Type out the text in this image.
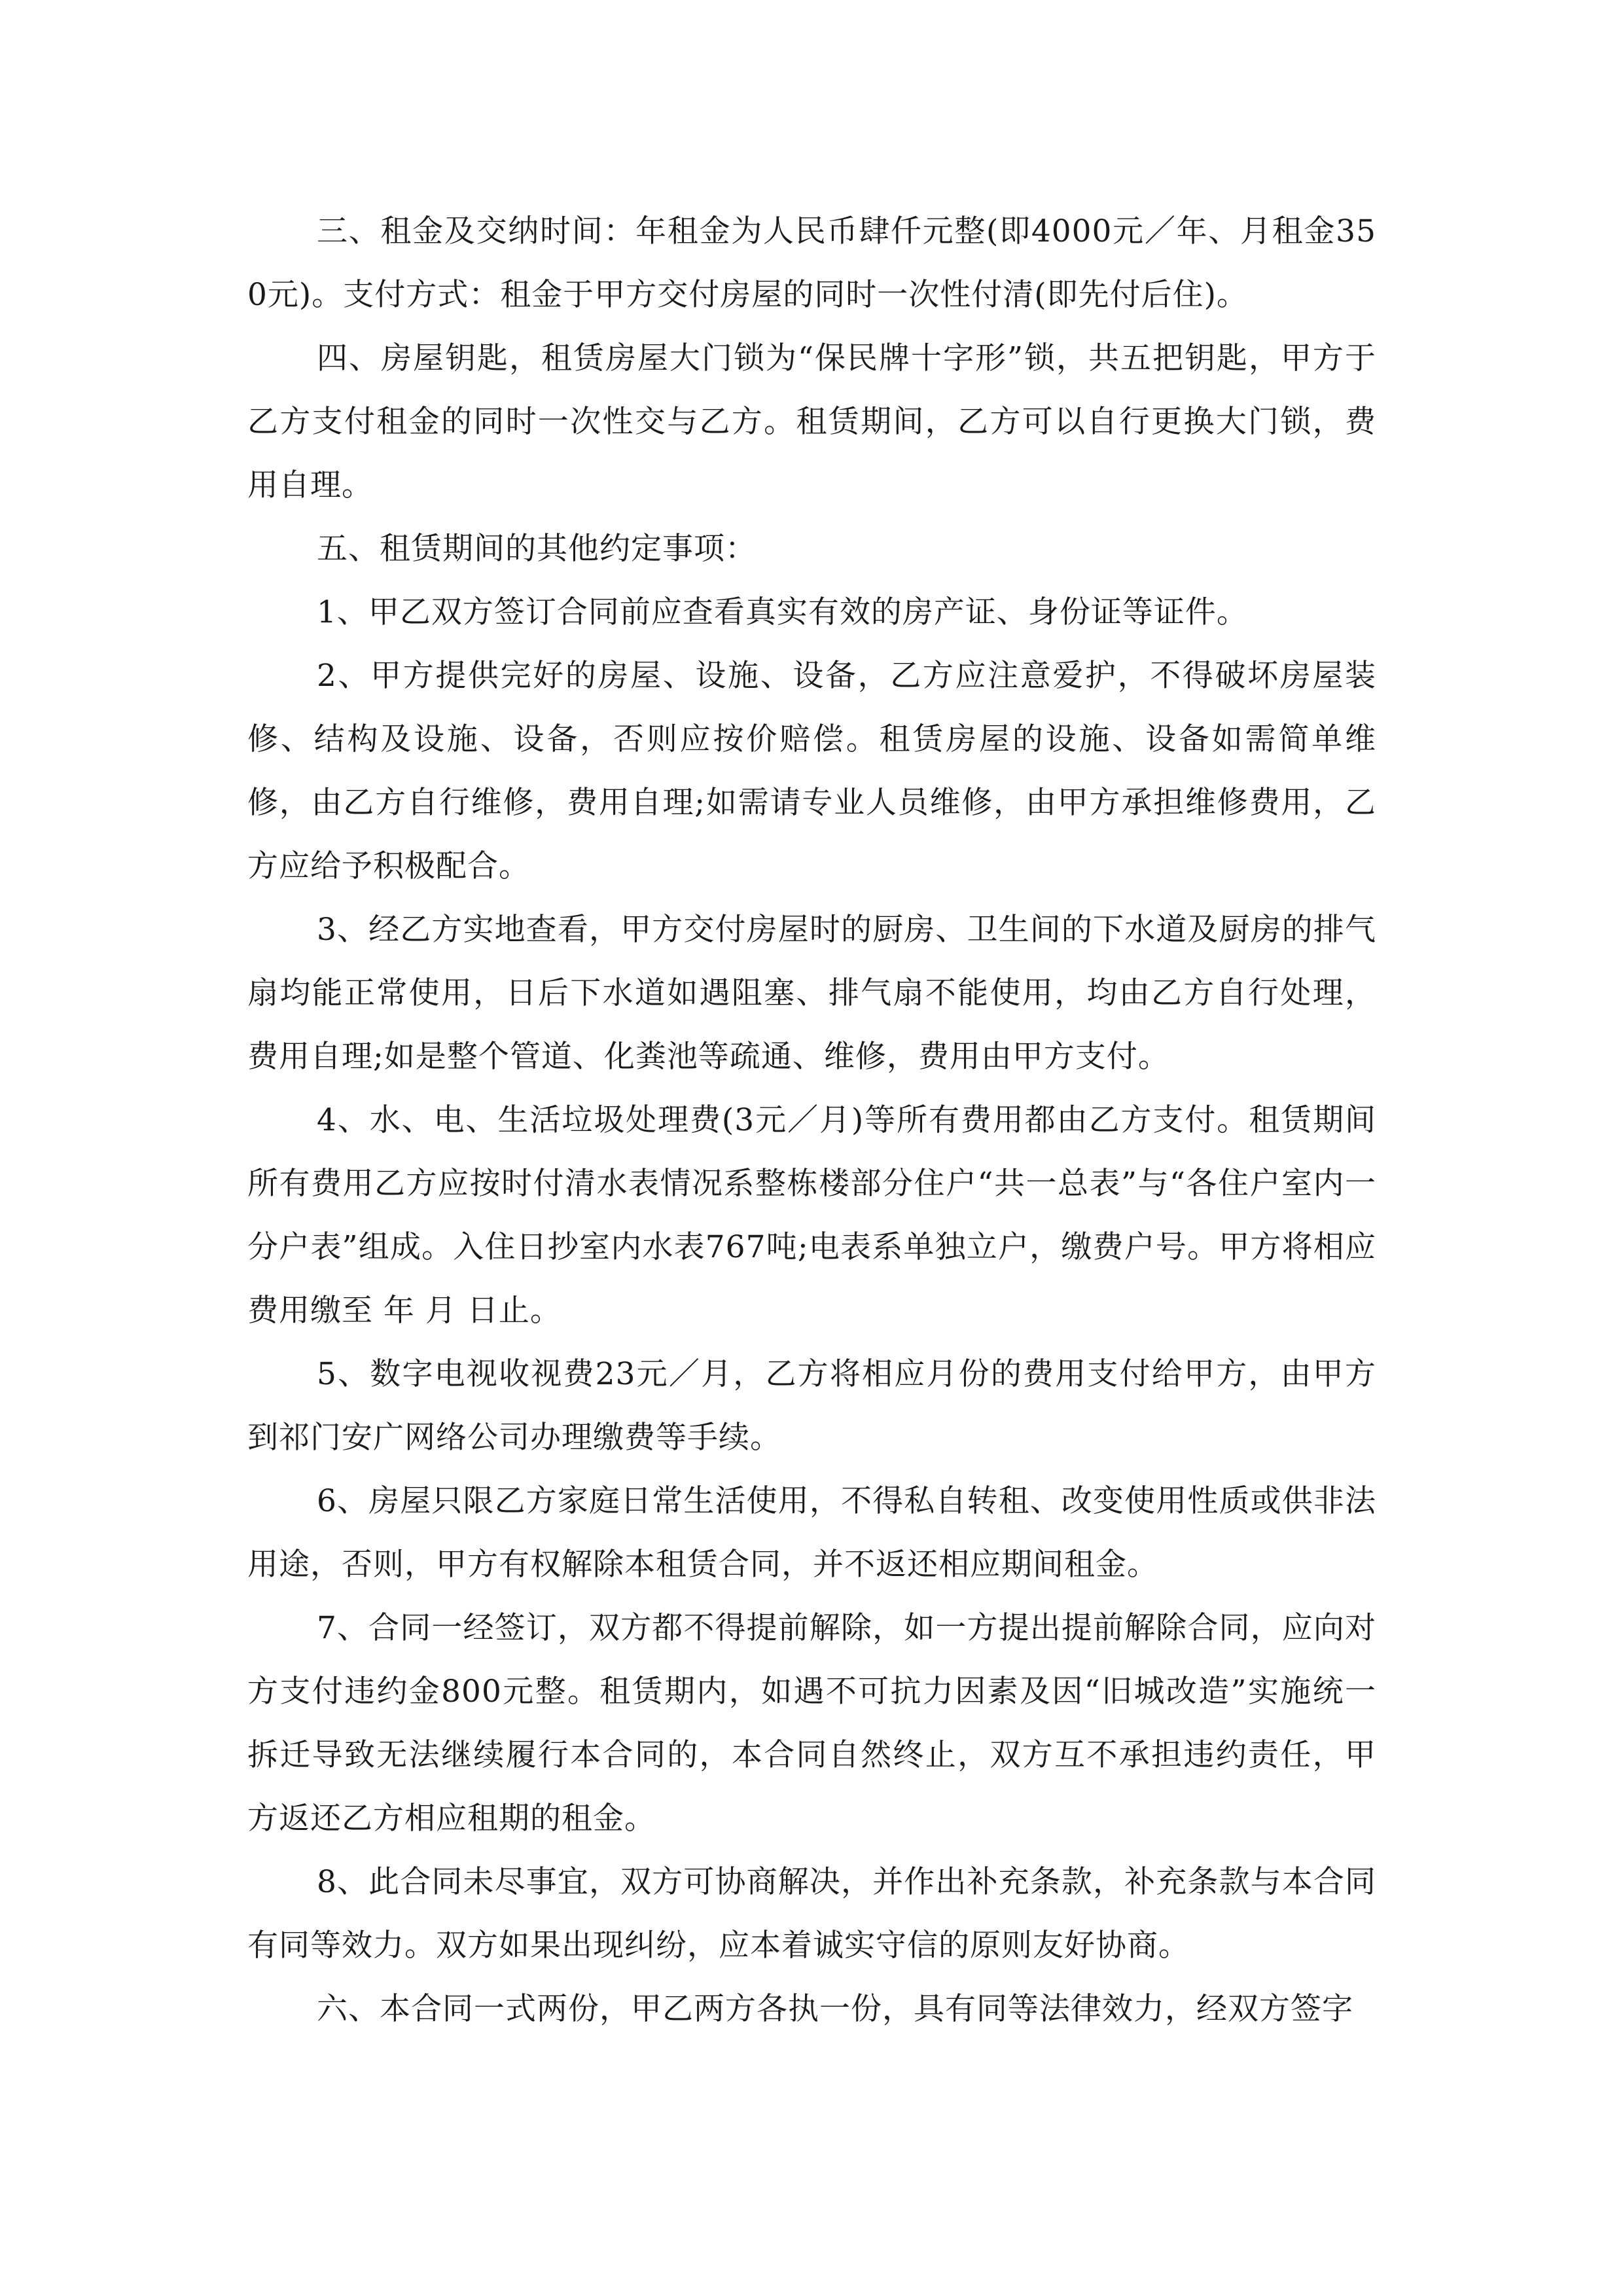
三、租金及交纳时间：年租金为人民币肆仟元整(即4000元／年、月租金350元)。支付方式：租金于甲方交付房屋的同时一次性付清(即先付后住)。

四、房屋钥匙，租赁房屋大门锁为“保民牌十字形”锁，共五把钥匙，甲方于乙方支付租金的同时一次性交与乙方。租赁期间，乙方可以自行更换大门锁，费用自理。

五、租赁期间的其他约定事项：

1、甲乙双方签订合同前应查看真实有效的房产证、身份证等证件。

2、甲方提供完好的房屋、设施、设备，乙方应注意爱护，不得破坏房屋装修、结构及设施、设备，否则应按价赔偿。租赁房屋的设施、设备如需简单维修，由乙方自行维修，费用自理;如需请专业人员维修，由甲方承担维修费用，乙方应给予积极配合。

3、经乙方实地查看，甲方交付房屋时的厨房、卫生间的下水道及厨房的排气扇均能正常使用，日后下水道如遇阻塞、排气扇不能使用，均由乙方自行处理，费用自理;如是整个管道、化粪池等疏通、维修，费用由甲方支付。

4、水、电、生活垃圾处理费(3元／月)等所有费用都由乙方支付。租赁期间所有费用乙方应按时付清水表情况系整栋楼部分住户“共一总表”与“各住户室内一分户表”组成。入住日抄室内水表767吨;电表系单独立户，缴费户号。甲方将相应费用缴至 年 月 日止。

5、数字电视收视费23元／月，乙方将相应月份的费用支付给甲方，由甲方到祁门安广网络公司办理缴费等手续。

6、房屋只限乙方家庭日常生活使用，不得私自转租、改变使用性质或供非法用途，否则，甲方有权解除本租赁合同，并不返还相应期间租金。

7、合同一经签订，双方都不得提前解除，如一方提出提前解除合同，应向对方支付违约金800元整。租赁期内，如遇不可抗力因素及因“旧城改造”实施统一拆迁导致无法继续履行本合同的，本合同自然终止，双方互不承担违约责任，甲方返还乙方相应租期的租金。

8、此合同未尽事宜，双方可协商解决，并作出补充条款，补充条款与本合同有同等效力。双方如果出现纠纷，应本着诚实守信的原则友好协商。

六、本合同一式两份，甲乙两方各执一份，具有同等法律效力，经双方签字
